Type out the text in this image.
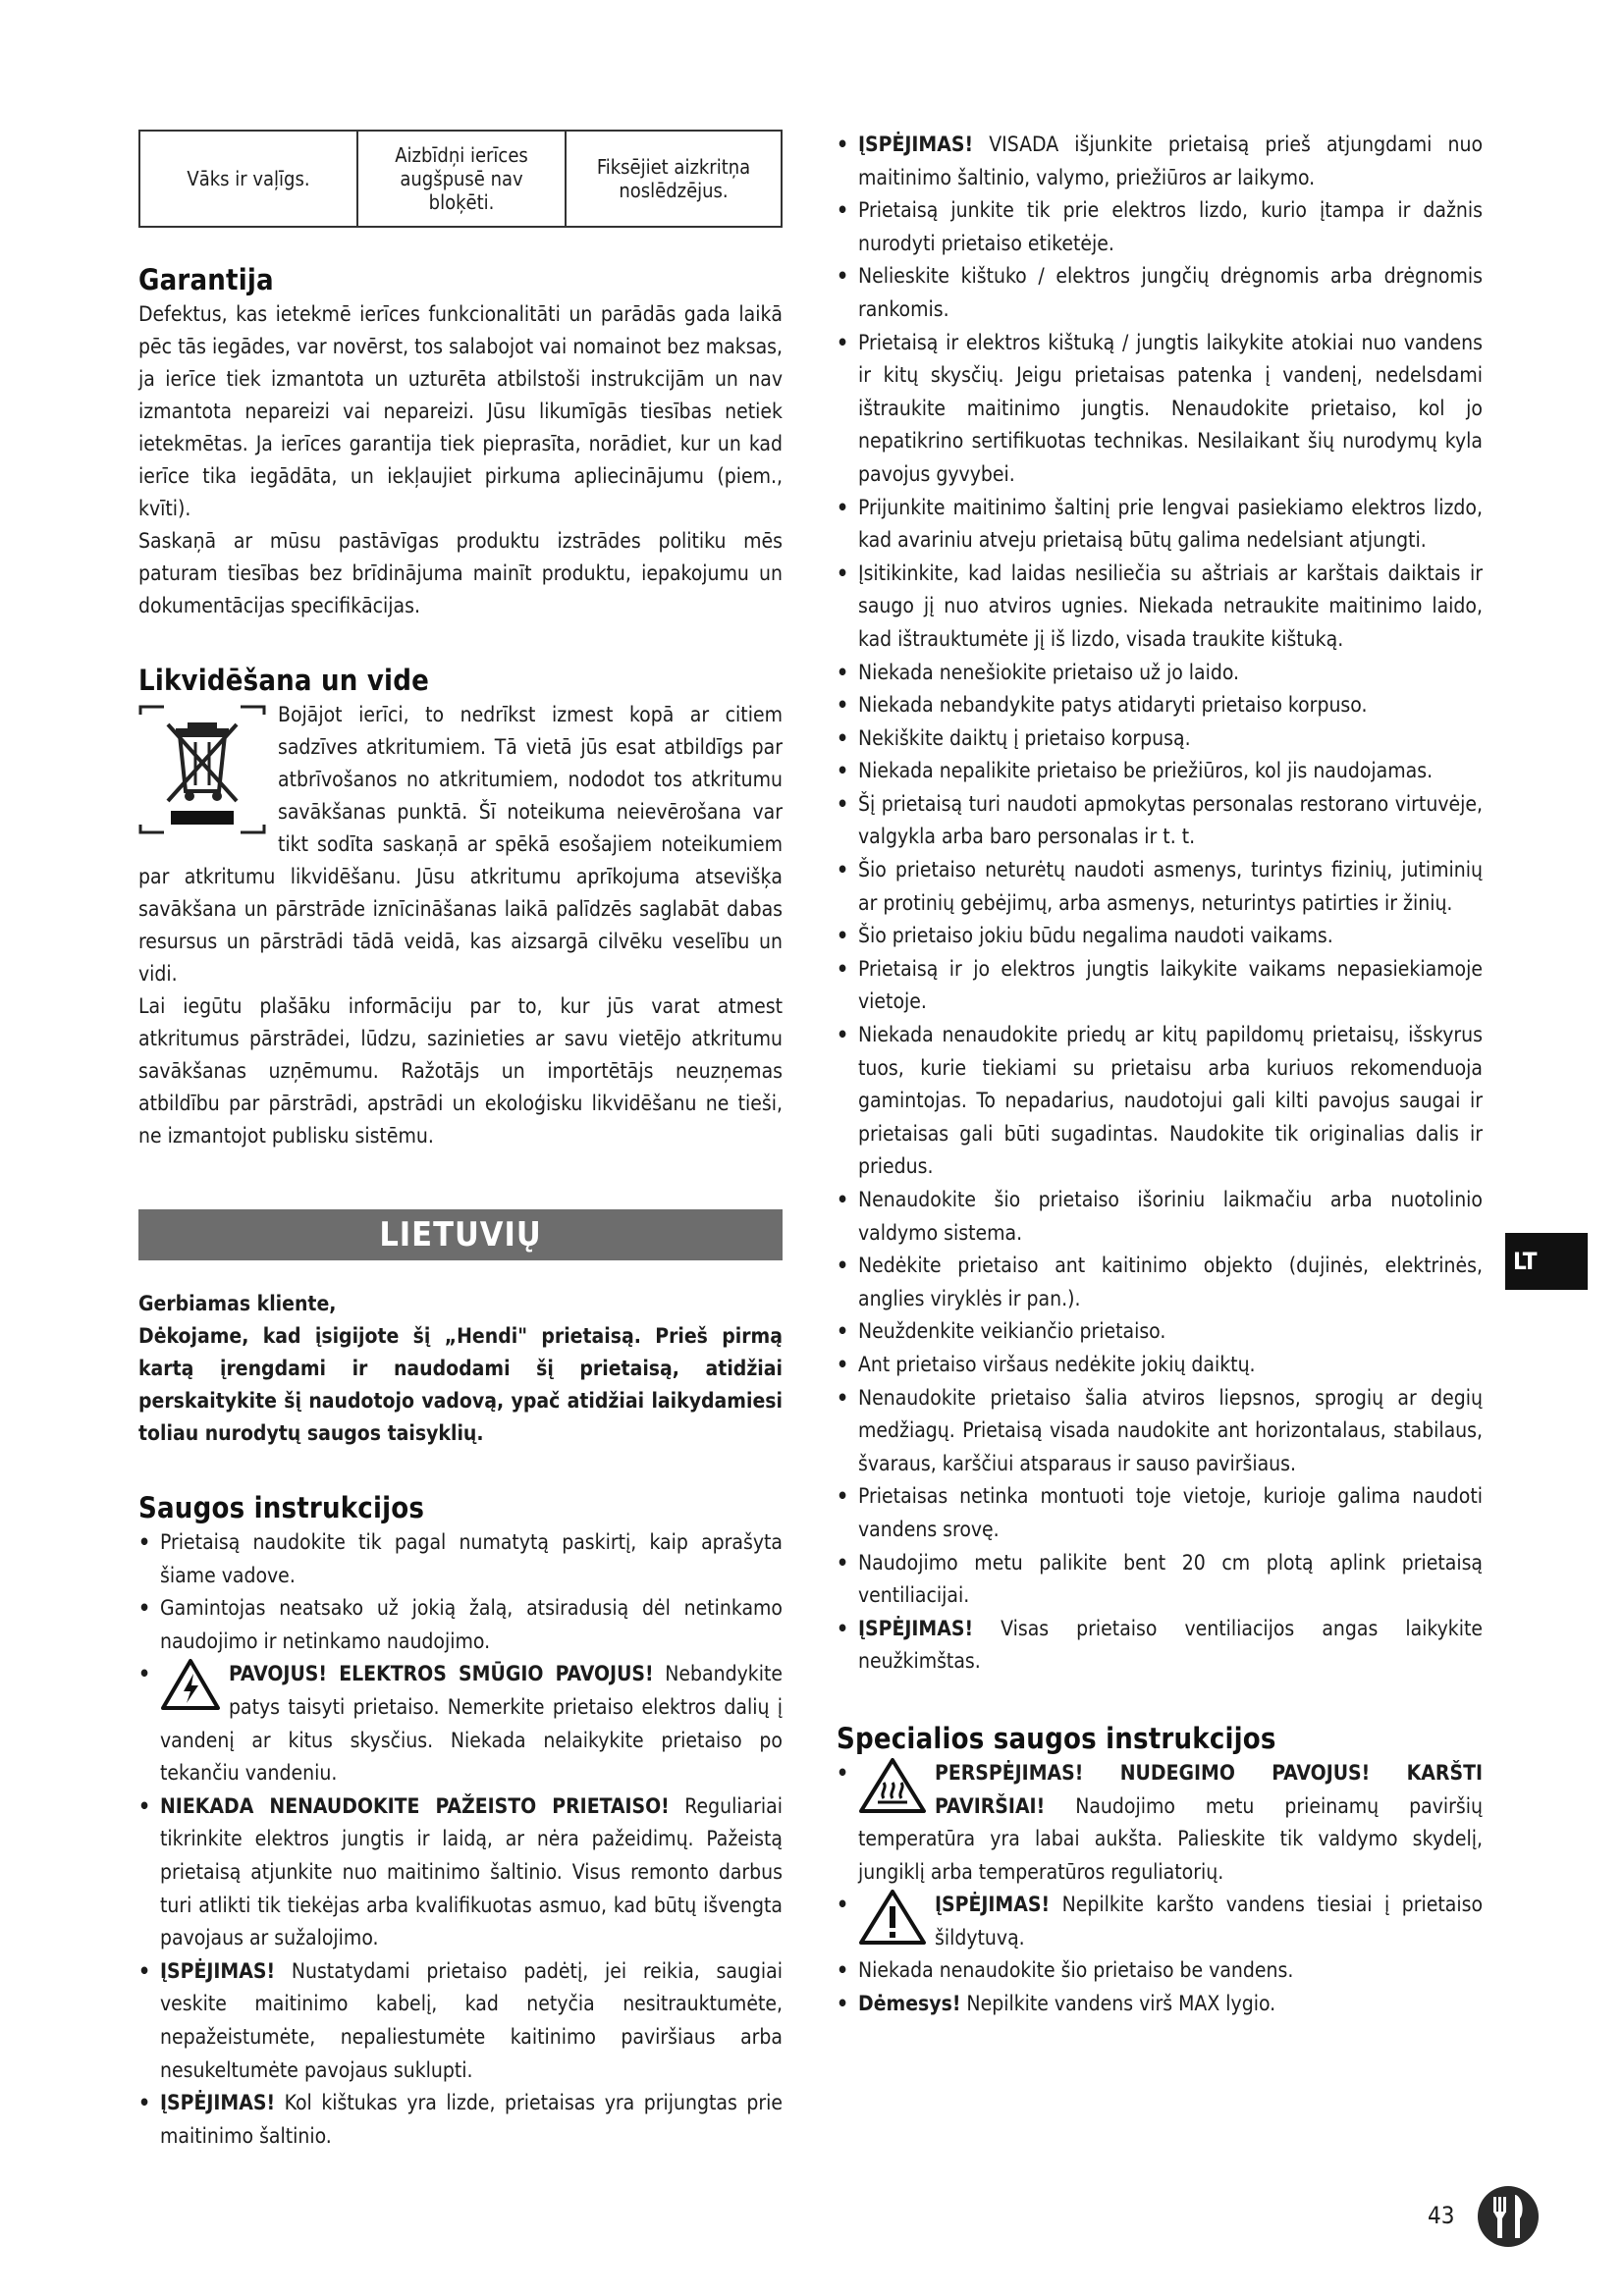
Vāks ir vaļīgs.	Aizbīdņi ierīces augšpusē nav bloķēti.	Fiksējiet aizkritņa noslēdzējus.
Garantija

Defektus, kas ietekmē ierīces funkcionalitāti un parādās gada laikā pēc tās iegādes, var novērst, tos salabojot vai nomainot bez maksas, ja ierīce tiek izmantota un uzturēta atbilstoši instrukcijām un nav izmantota nepareizi vai nepareizi. Jūsu likumīgās tiesības netiek ietekmētas. Ja ierīces garantija tiek pieprasīta, norādiet, kur un kad ierīce tika iegādāta, un iekļaujiet pirkuma apliecinājumu (piem., kvīti).

Saskaņā ar mūsu pastāvīgas produktu izstrādes politiku mēs paturam tiesības bez brīdinājuma mainīt produktu, iepakojumu un dokumentācijas specifikācijas.

Likvidēšana un vide

Bojājot ierīci, to nedrīkst izmest kopā ar citiem sadzīves atkritumiem. Tā vietā jūs esat atbildīgs par atbrīvošanos no atkritumiem, nododot tos atkritumu savākšanas punktā. Šī noteikuma neievērošana var tikt sodīta saskaņā ar spēkā esošajiem noteikumiem par atkritumu likvidēšanu. Jūsu atkritumu aprīkojuma atsevišķa savākšana un pārstrāde iznīcināšanas laikā palīdzēs saglabāt dabas resursus un pārstrādi tādā veidā, kas aizsargā cilvēku veselību un vidi.

Lai iegūtu plašāku informāciju par to, kur jūs varat atmest atkritumus pārstrādei, lūdzu, sazinieties ar savu vietējo atkritumu savākšanas uzņēmumu. Ražotājs un importētājs neuzņemas atbildību par pārstrādi, apstrādi un ekoloģisku likvidēšanu ne tieši, ne izmantojot publisku sistēmu.

LIETUVIŲ

Gerbiamas kliente,

Dėkojame, kad įsigijote šį „Hendi" prietaisą. Prieš pirmą kartą įrengdami ir naudodami šį prietaisą, atidžiai perskaitykite šį naudotojo vadovą, ypač atidžiai laikydamiesi toliau nurodytų saugos taisyklių.

Saugos instrukcijos
• Prietaisą naudokite tik pagal numatytą paskirtį, kaip aprašyta šiame vadove.
• Gamintojas neatsako už jokią žalą, atsiradusią dėl netinkamo naudojimo ir netinkamo naudojimo.
• PAVOJUS! ELEKTROS SMŪGIO PAVOJUS! Nebandykite patys taisyti prietaiso. Nemerkite prietaiso elektros dalių į vandenį ar kitus skysčius. Niekada nelaikykite prietaiso po tekančiu vandeniu.
• NIEKADA NENAUDOKITE PAŽEISTO PRIETAISO! Reguliariai tikrinkite elektros jungtis ir laidą, ar nėra pažeidimų. Pažeistą prietaisą atjunkite nuo maitinimo šaltinio. Visus remonto darbus turi atlikti tik tiekėjas arba kvalifikuotas asmuo, kad būtų išvengta pavojaus ar sužalojimo.
• ĮSPĖJIMAS! Nustatydami prietaiso padėtį, jei reikia, saugiai veskite maitinimo kabelį, kad netyčia nesitrauktumėte, nepažeistumėte, nepaliestumėte kaitinimo paviršiaus arba nesukeltumėte pavojaus suklupti.
• ĮSPĖJIMAS! Kol kištukas yra lizde, prietaisas yra prijungtas prie maitinimo šaltinio.
• ĮSPĖJIMAS! VISADA išjunkite prietaisą prieš atjungdami nuo maitinimo šaltinio, valymo, priežiūros ar laikymo.
• Prietaisą junkite tik prie elektros lizdo, kurio įtampa ir dažnis nurodyti prietaiso etiketėje.
• Nelieskite kištuko / elektros jungčių drėgnomis arba drėgnomis rankomis.
• Prietaisą ir elektros kištuką / jungtis laikykite atokiai nuo vandens ir kitų skysčių. Jeigu prietaisas patenka į vandenį, nedelsdami ištraukite maitinimo jungtis. Nenaudokite prietaiso, kol jo nepatikrino sertifikuotas technikas. Nesilaikant šių nurodymų kyla pavojus gyvybei.
• Prijunkite maitinimo šaltinį prie lengvai pasiekiamo elektros lizdo, kad avariniu atveju prietaisą būtų galima nedelsiant atjungti.
• Įsitikinkite, kad laidas nesiliečia su aštriais ar karštais daiktais ir saugo jį nuo atviros ugnies. Niekada netraukite maitinimo laido, kad ištrauktumėte jį iš lizdo, visada traukite kištuką.
• Niekada nenešiokite prietaiso už jo laido.
• Niekada nebandykite patys atidaryti prietaiso korpuso.
• Nekiškite daiktų į prietaiso korpusą.
• Niekada nepalikite prietaiso be priežiūros, kol jis naudojamas.
• Šį prietaisą turi naudoti apmokytas personalas restorano virtuvėje, valgykla arba baro personalas ir t. t.
• Šio prietaiso neturėtų naudoti asmenys, turintys fizinių, jutiminių ar protinių gebėjimų, arba asmenys, neturintys patirties ir žinių.
• Šio prietaiso jokiu būdu negalima naudoti vaikams.
• Prietaisą ir jo elektros jungtis laikykite vaikams nepasiekiamoje vietoje.
• Niekada nenaudokite priedų ar kitų papildomų prietaisų, išskyrus tuos, kurie tiekiami su prietaisu arba kuriuos rekomenduoja gamintojas. To nepadarius, naudotojui gali kilti pavojus saugai ir prietaisas gali būti sugadintas. Naudokite tik originalias dalis ir priedus.
• Nenaudokite šio prietaiso išoriniu laikmačiu arba nuotolinio valdymo sistema.
• Nedėkite prietaiso ant kaitinimo objekto (dujinės, elektrinės, anglies viryklės ir pan.).
• Neuždenkite veikiančio prietaiso.
• Ant prietaiso viršaus nedėkite jokių daiktų.
• Nenaudokite prietaiso šalia atviros liepsnos, sprogių ar degių medžiagų. Prietaisą visada naudokite ant horizontalaus, stabilaus, švaraus, karščiui atsparaus ir sauso paviršiaus.
• Prietaisas netinka montuoti toje vietoje, kurioje galima naudoti vandens srovę.
• Naudojimo metu palikite bent 20 cm plotą aplink prietaisą ventiliacijai.
• ĮSPĖJIMAS! Visas prietaiso ventiliacijos angas laikykite neužkimštas.
Specialios saugos instrukcijos
• PERSPĖJIMAS! NUDEGIMO PAVOJUS! KARŠTI PAVIRŠIAI! Naudojimo metu prieinamų paviršių temperatūra yra labai aukšta. Palieskite tik valdymo skydelį, jungiklį arba temperatūros reguliatorių.
• ĮSPĖJIMAS! Nepilkite karšto vandens tiesiai į prietaiso šildytuvą.
• Niekada nenaudokite šio prietaiso be vandens.
• Dėmesys! Nepilkite vandens virš MAX lygio.
LT
43
